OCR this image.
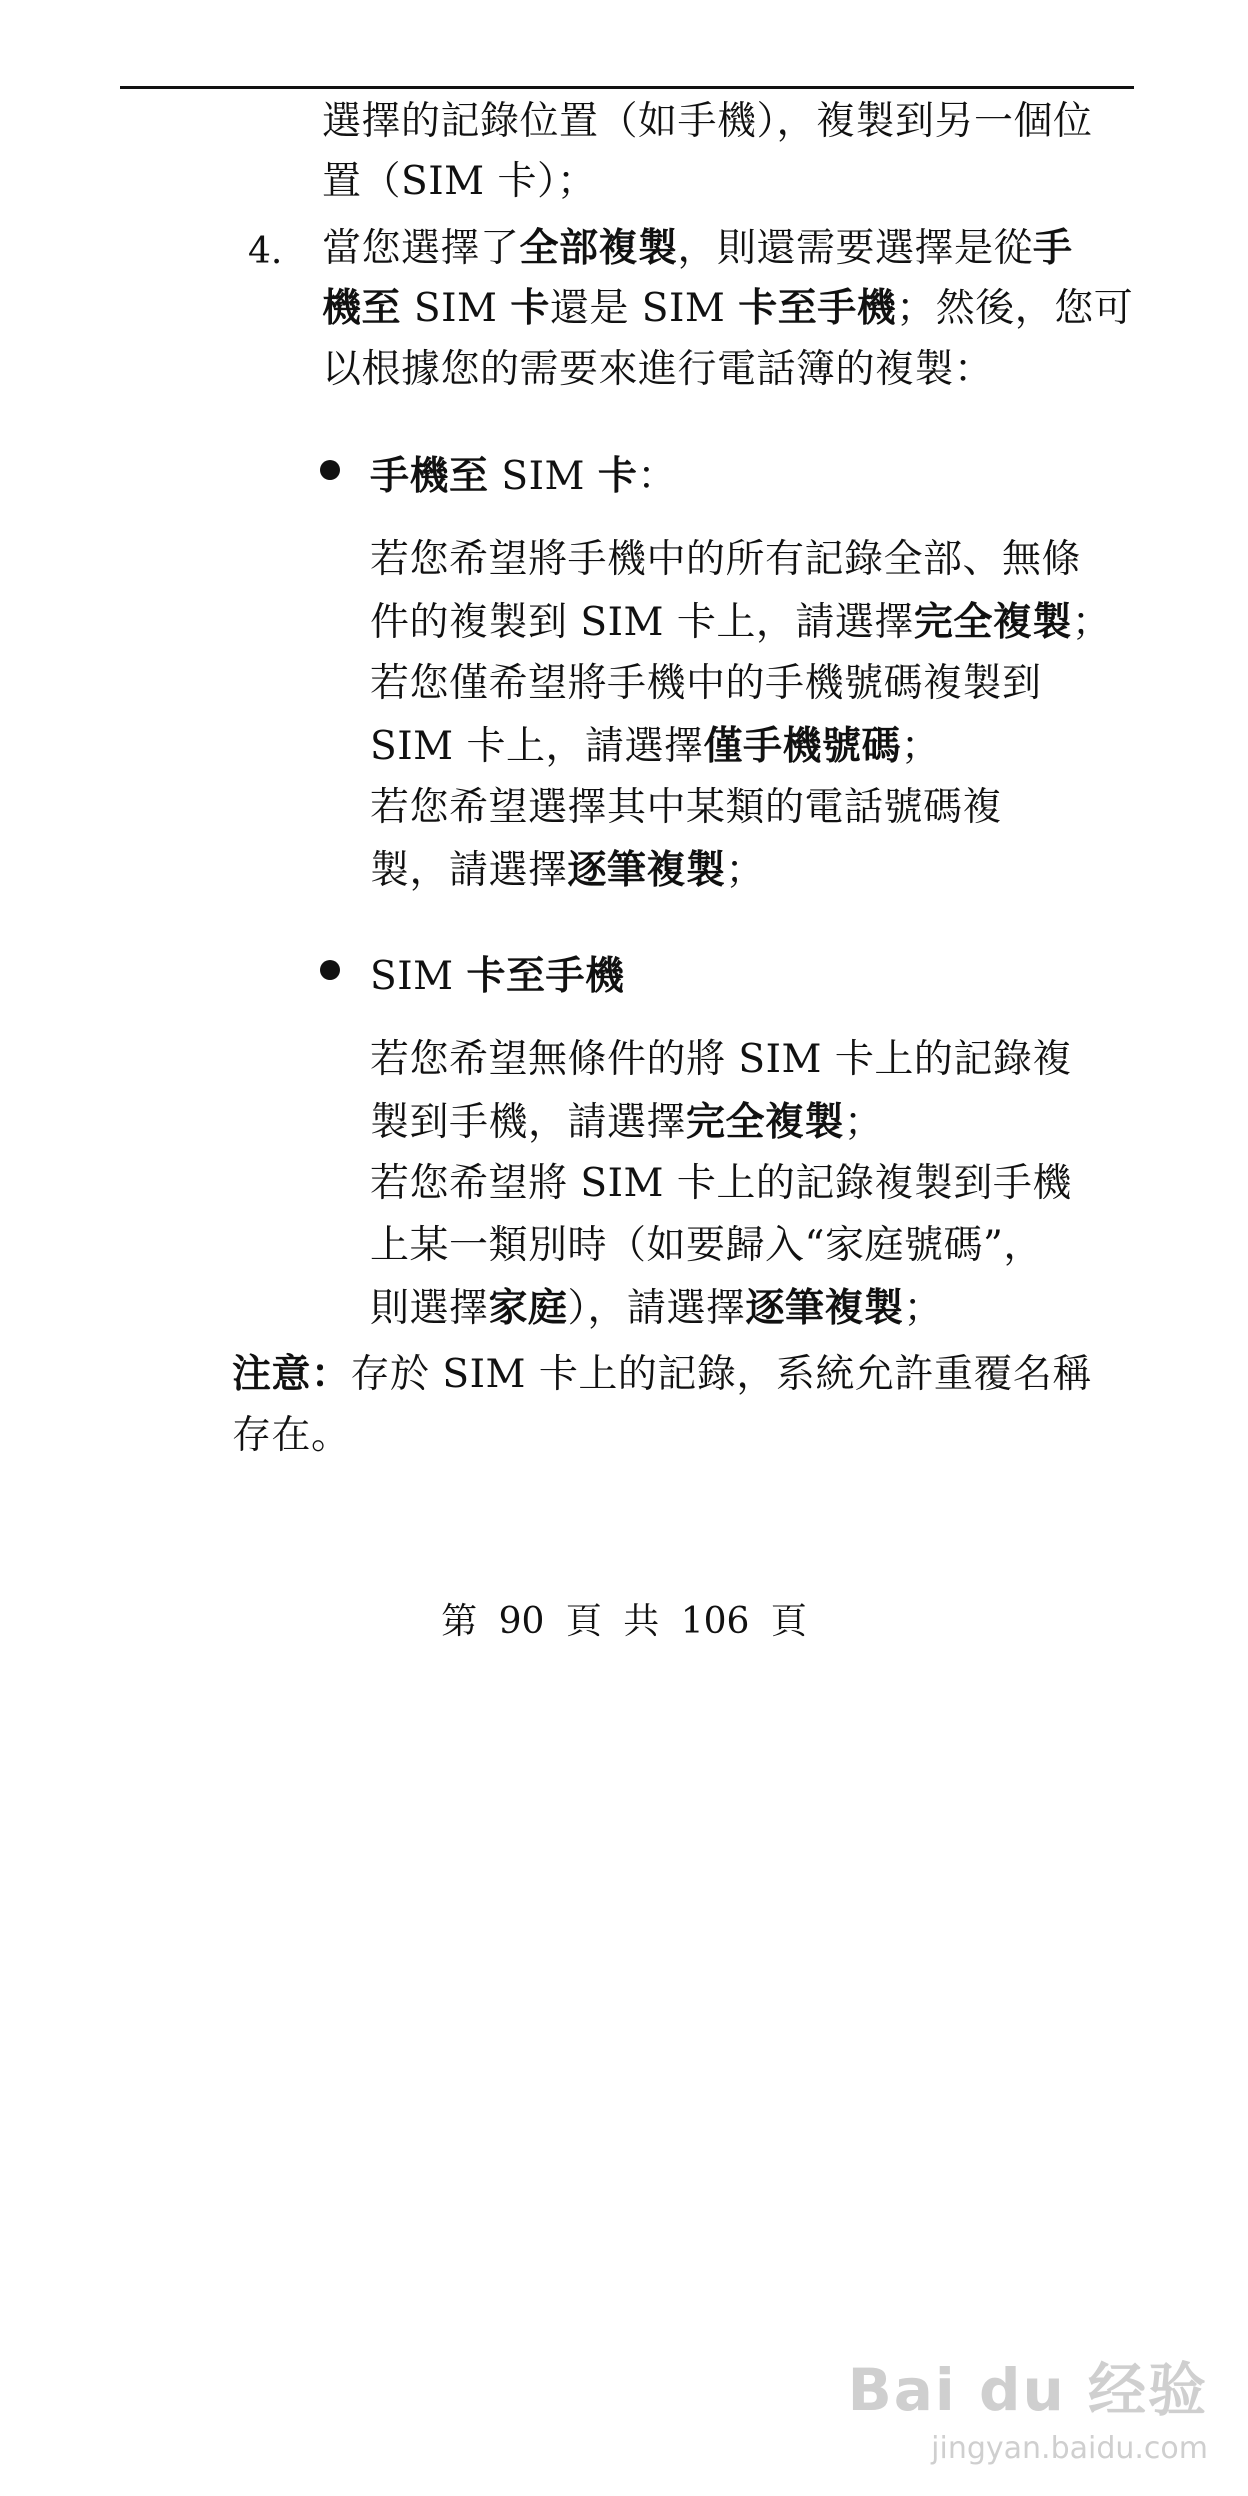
4.
選擇的記錄位置（如手機），複製到另一個位
置（SIM 卡）；
當您選擇了全部複製，則還需要選擇是從手
機至 SIM 卡還是 SIM 卡至手機；然後，您可
以根據您的需要來進行電話簿的複製：
手機至 SIM 卡：
若您希望將手機中的所有記錄全部、無條
件的複製到 SIM 卡上，請選擇完全複製；
若您僅希望將手機中的手機號碼複製到
SIM 卡上，請選擇僅手機號碼；
若您希望選擇其中某類的電話號碼複
製，請選擇逐筆複製；
SIM 卡至手機
若您希望無條件的將 SIM 卡上的記錄複
製到手機，請選擇完全複製；
若您希望將 SIM 卡上的記錄複製到手機
上某一類別時（如要歸入“家庭號碼”，
則選擇家庭），請選擇逐筆複製；
注意：存於 SIM 卡上的記錄，系統允許重覆名稱
存在。
第 90 頁 共 106 頁
Bai du 经验
jingyan.baidu.com
